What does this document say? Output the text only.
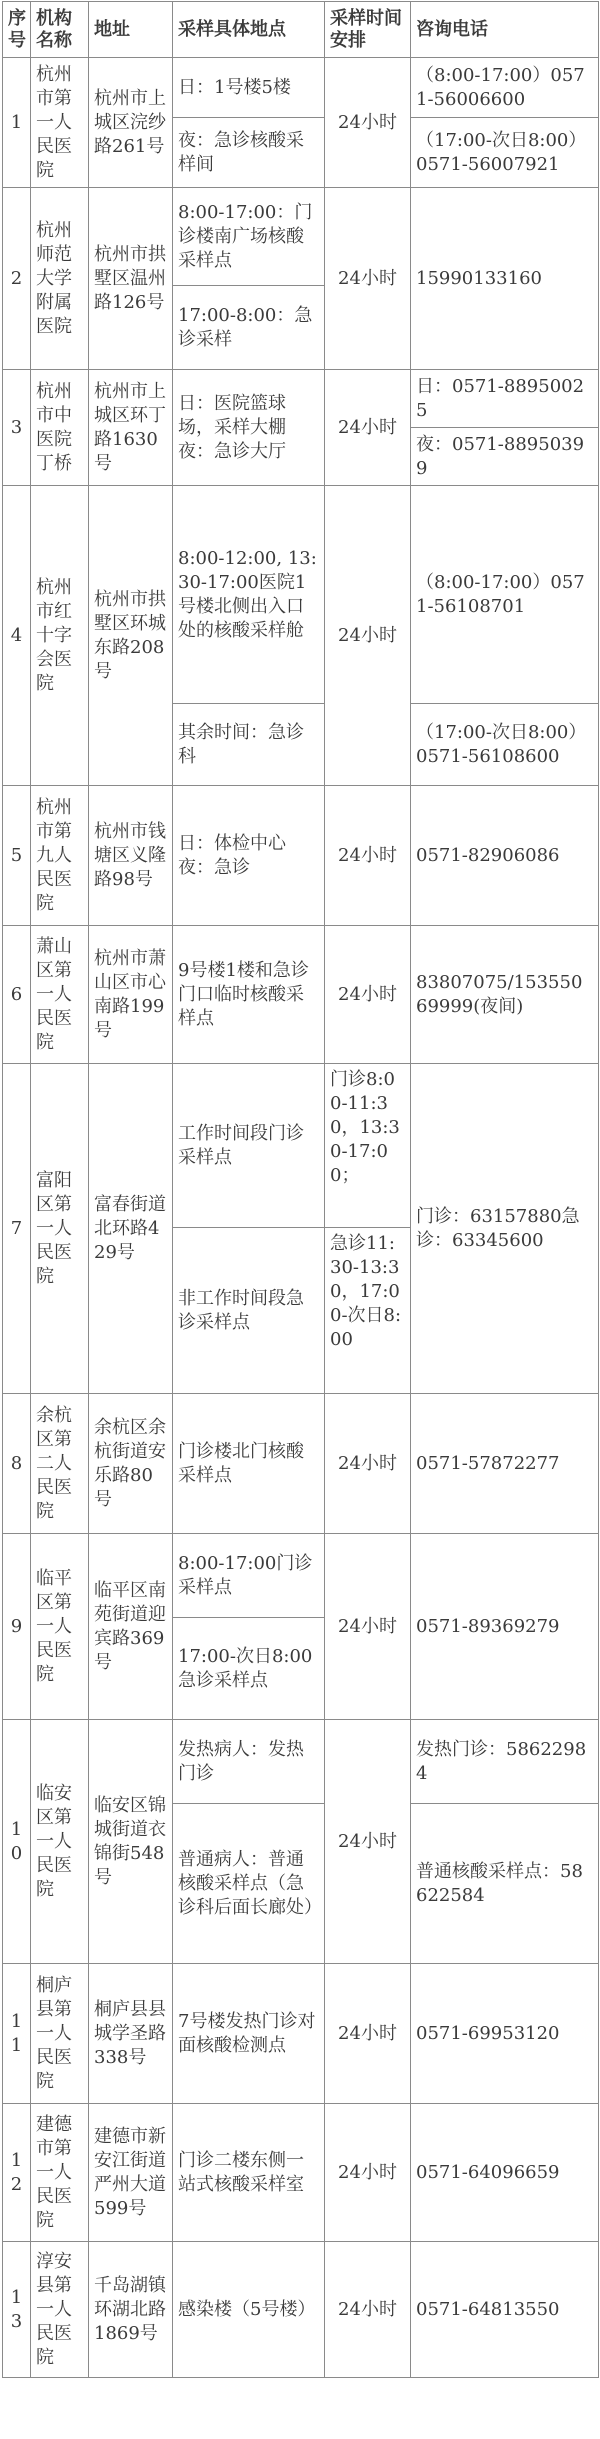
序号	机构名称	地址	采样具体地点	采样时间安排	咨询电话
1	杭州市第一人民医院	杭州市上城区浣纱路261号	日：1号楼5楼	24小时	（8:00-17:00）0571-56006600
			夜：急诊核酸采样间		（17:00-次日8:00）0571-56007921
2	杭州师范大学附属医院	杭州市拱墅区温州路126号	8:00-17:00：门诊楼南广场核酸采样点	24小时	15990133160
			17:00-8:00：急诊采样		
3	杭州市中医院丁桥	杭州市上城区环丁路1630号	日：医院篮球场，采样大棚夜：急诊大厅	24小时	日：0571-88950025
					夜：0571-88950399
4	杭州市红十字会医院	杭州市拱墅区环城东路208号	8:00-12:00, 13:30-17:00医院1号楼北侧出入口处的核酸采样舱	24小时	（8:00-17:00）0571-56108701
			其余时间：急诊科		（17:00-次日8:00）0571-56108600
5	杭州市第九人民医院	杭州市钱塘区义隆路98号	日：体检中心夜：急诊	24小时	0571-82906086
6	萧山区第一人民医院	杭州市萧山区市心南路199号	9号楼1楼和急诊门口临时核酸采样点	24小时	83807075/15355069999(夜间)
7	富阳区第一人民医院	富春街道北环路429号	工作时间段门诊采样点	门诊8:00-11:30，13:30-17:00；	门诊：63157880急诊：63345600
			非工作时间段急诊采样点	急诊11:30-13:30，17:00-次日8:00	
8	余杭区第二人民医院	余杭区余杭街道安乐路80号	门诊楼北门核酸采样点	24小时	0571-57872277
9	临平区第一人民医院	临平区南苑街道迎宾路369号	8:00-17:00门诊采样点	24小时	0571-89369279
			17:00-次日8:00 急诊采样点		
10	临安区第一人民医院	临安区锦城街道衣锦街548号	发热病人：发热门诊	24小时	发热门诊：58622984
			普通病人：普通核酸采样点（急诊科后面长廊处）		普通核酸采样点：58622584
11	桐庐县第一人民医院	桐庐县县城学圣路338号	7号楼发热门诊对面核酸检测点	24小时	0571-69953120
12	建德市第一人民医院	建德市新安江街道严州大道599号	门诊二楼东侧一站式核酸采样室	24小时	0571-64096659
13	淳安县第一人民医院	千岛湖镇环湖北路1869号	感染楼（5号楼）	24小时	0571-64813550
